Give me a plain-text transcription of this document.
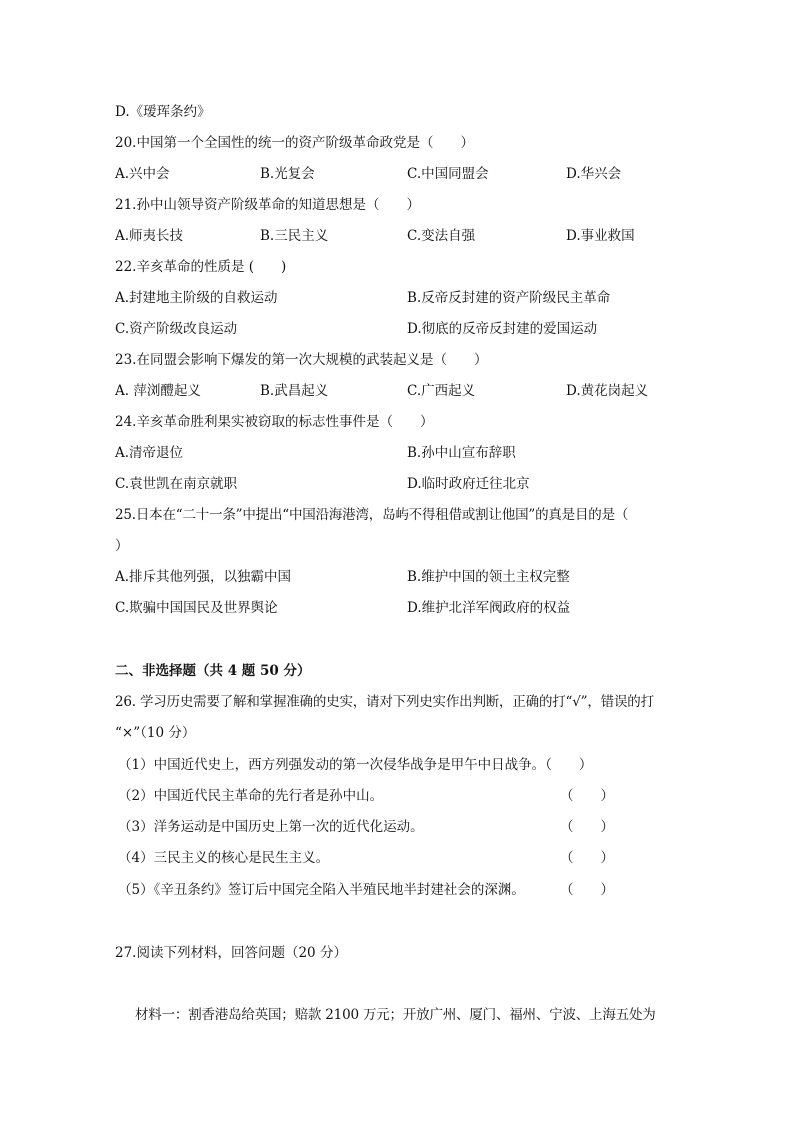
D.《瑷珲条约》
20.中国第一个全国性的统一的资产阶级革命政党是（　　）
A.兴中会	B.光复会	C.中国同盟会	D.华兴会
21.孙中山领导资产阶级革命的知道思想是（　　）
A.师夷长技	B.三民主义	C.变法自强	D.事业救国
22.辛亥革命的性质是 (　　)
A.封建地主阶级的自救运动	B.反帝反封建的资产阶级民主革命
C.资产阶级改良运动	D.彻底的反帝反封建的爱国运动
23.在同盟会影响下爆发的第一次大规模的武装起义是（　　）
A. 萍浏醴起义	B.武昌起义	C.广西起义	D.黄花岗起义
24.辛亥革命胜利果实被窃取的标志性事件是（　　）
A.清帝退位	B.孙中山宣布辞职
C.袁世凯在南京就职	D.临时政府迁往北京
25.日本在“二十一条”中提出“中国沿海港湾，岛屿不得租借或割让他国”的真是目的是（
）
A.排斥其他列强，以独霸中国	B.维护中国的领土主权完整
C.欺骗中国国民及世界舆论	D.维护北洋军阀政府的权益
二、非选择题（共 4 题 50 分）
26. 学习历史需要了解和掌握准确的史实，请对下列史实作出判断，正确的打“√”，错误的打
“×”（10 分）
（1）中国近代史上，西方列强发动的第一次侵华战争是甲午中日战争。（　　）
（2）中国近代民主革命的先行者是孙中山。	（　　）
（3）洋务运动是中国历史上第一次的近代化运动。	（　　）
（4）三民主义的核心是民生主义。	（　　）
（5）《辛丑条约》签订后中国完全陷入半殖民地半封建社会的深渊。	（　　）
27.阅读下列材料，回答问题（20 分）
材料一：割香港岛给英国；赔款 2100 万元；开放广州、厦门、福州、宁波、上海五处为
